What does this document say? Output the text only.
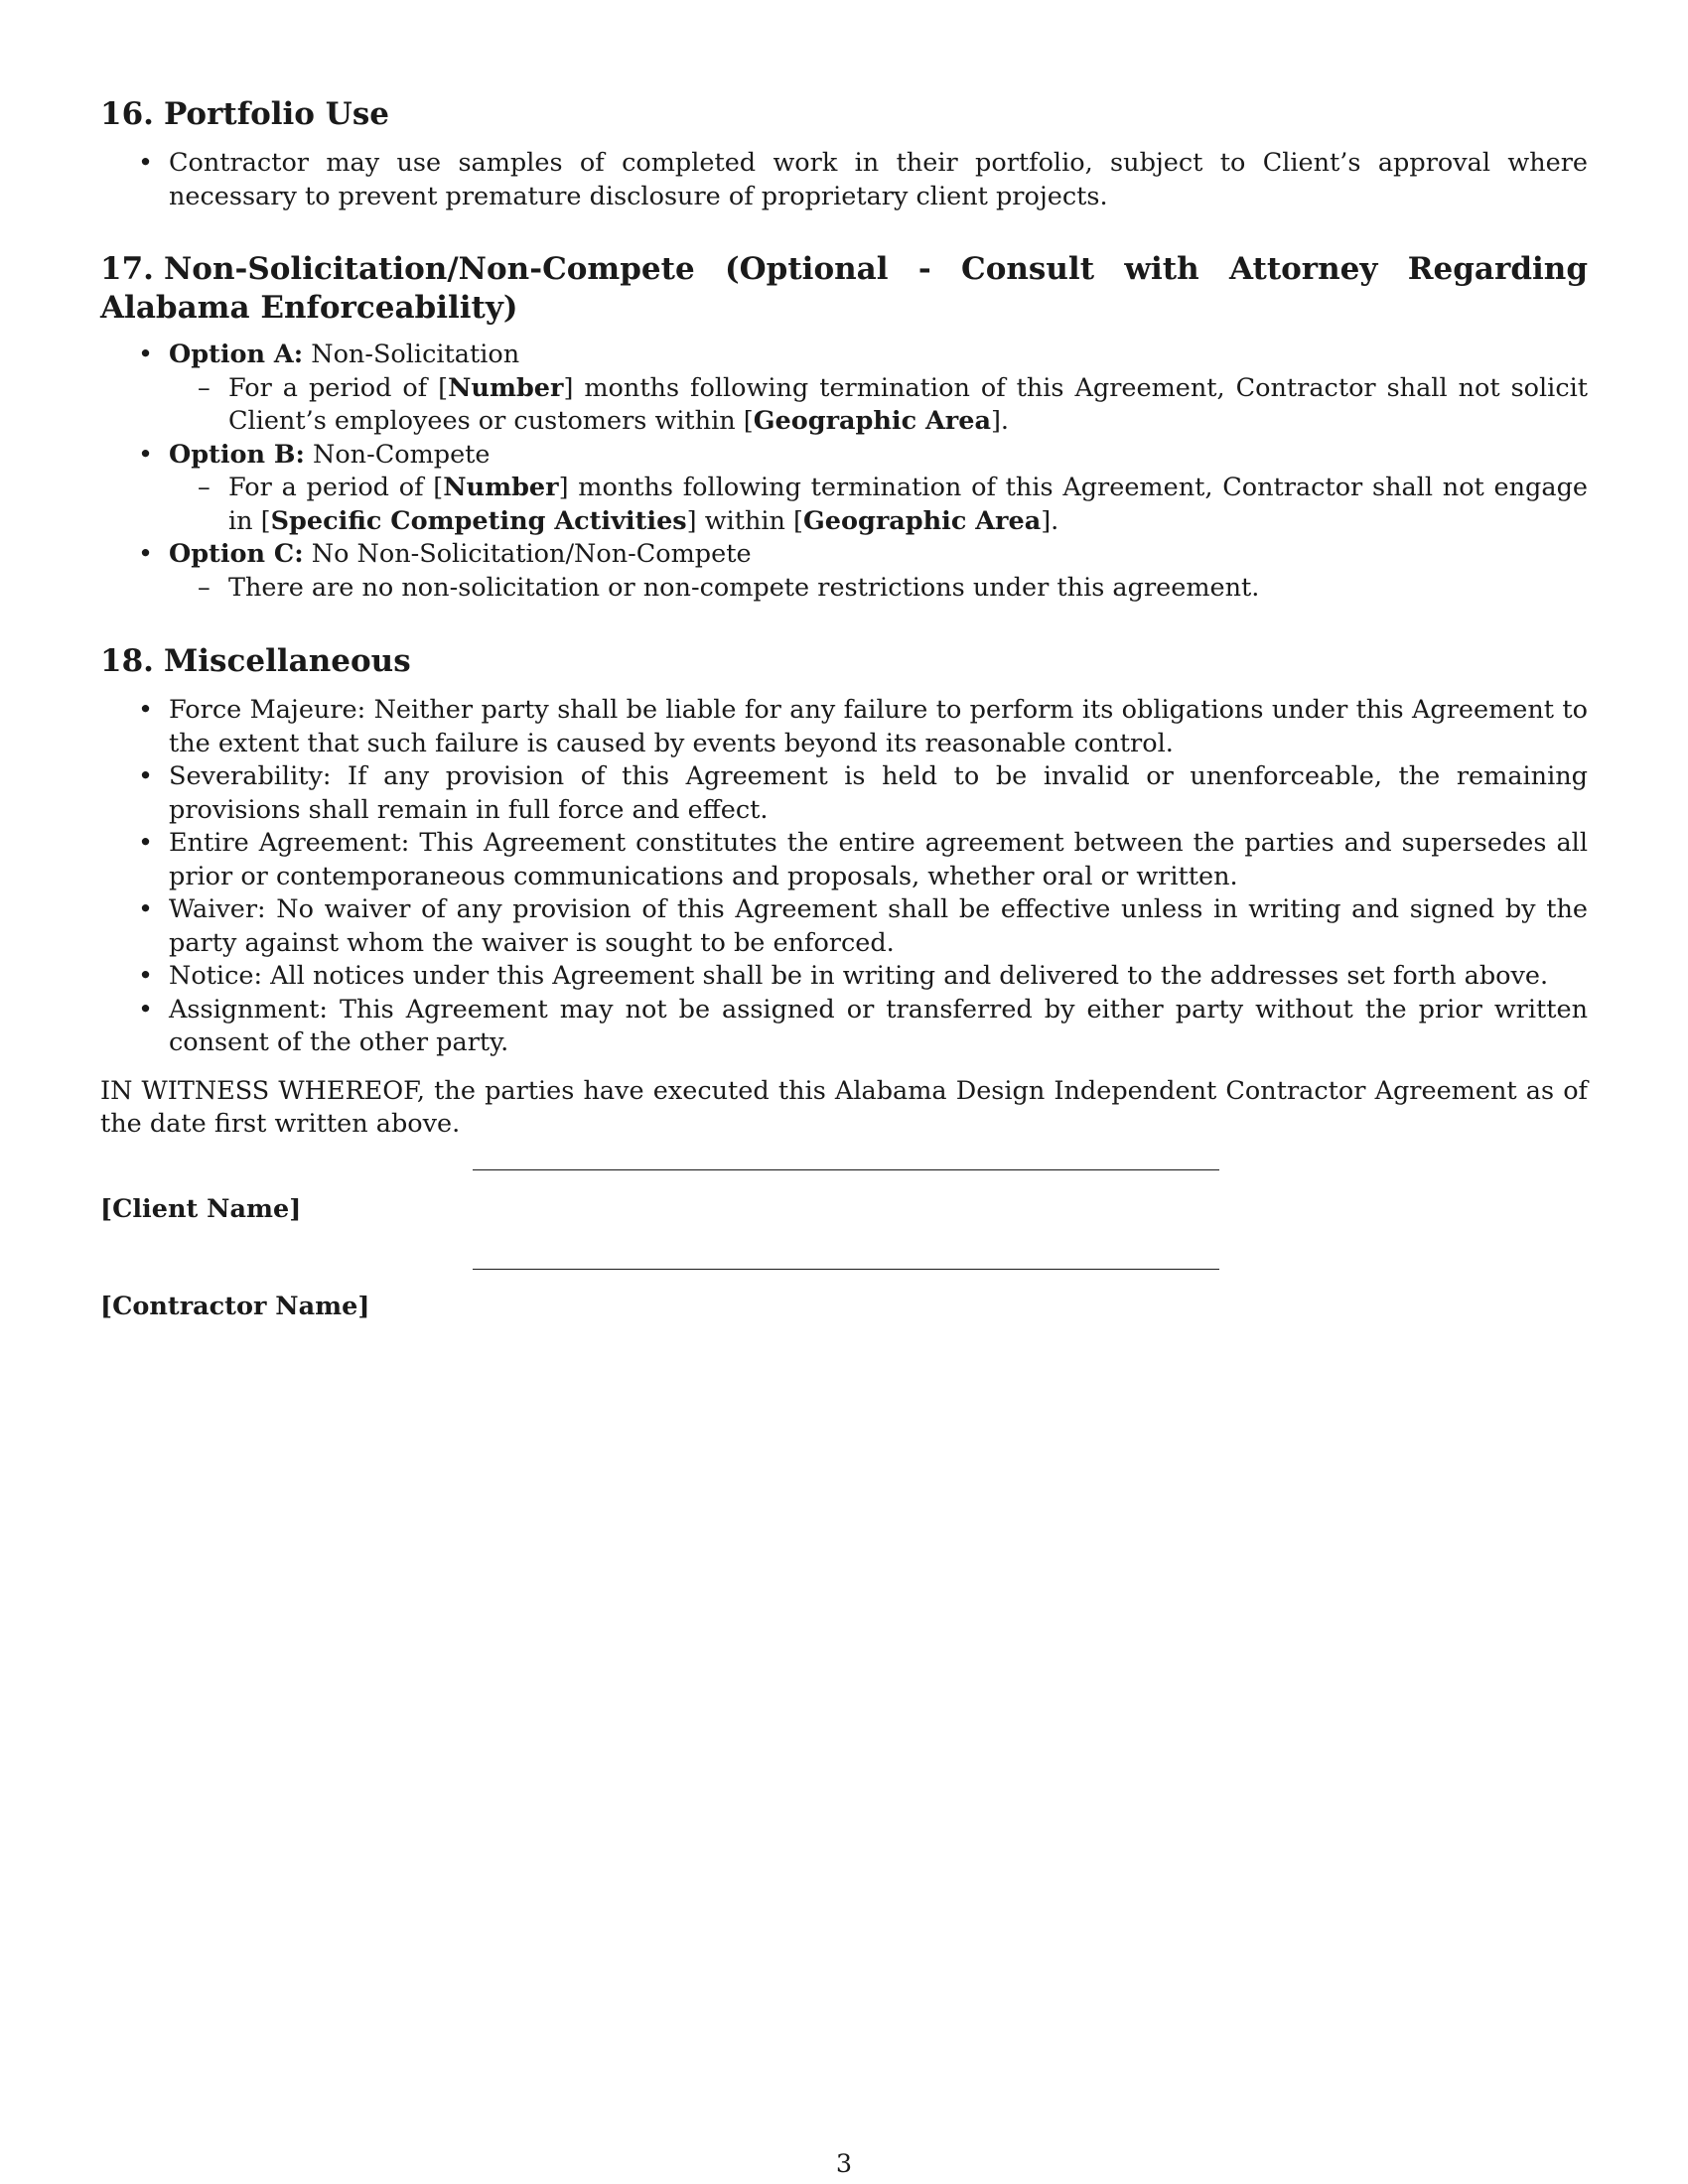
16. Portfolio Use
• Contractor may use samples of completed work in their portfolio, subject to Client’s approval where necessary to prevent premature disclosure of proprietary client projects.
17. Non-Solicitation/Non-Compete (Optional - Consult with Attorney Regarding Alabama Enforceability)
• Option A: Non-Solicitation
– For a period of [Number] months following termination of this Agreement, Contractor shall not solicit Client’s employees or customers within [Geographic Area].
• Option B: Non-Compete
– For a period of [Number] months following termination of this Agreement, Contractor shall not engage in [Specific Competing Activities] within [Geographic Area].
• Option C: No Non-Solicitation/Non-Compete
– There are no non-solicitation or non-compete restrictions under this agreement.
18. Miscellaneous
• Force Majeure: Neither party shall be liable for any failure to perform its obligations under this Agreement to the extent that such failure is caused by events beyond its reasonable control.
• Severability: If any provision of this Agreement is held to be invalid or unenforceable, the remaining provisions shall remain in full force and effect.
• Entire Agreement: This Agreement constitutes the entire agreement between the parties and supersedes all prior or contemporaneous communications and proposals, whether oral or written.
• Waiver: No waiver of any provision of this Agreement shall be effective unless in writing and signed by the party against whom the waiver is sought to be enforced.
• Notice: All notices under this Agreement shall be in writing and delivered to the addresses set forth above.
• Assignment: This Agreement may not be assigned or transferred by either party without the prior written consent of the other party.

IN WITNESS WHEREOF, the parties have executed this Alabama Design Independent Contractor Agreement as of the date first written above.

[Client Name]
[Contractor Name]
3
